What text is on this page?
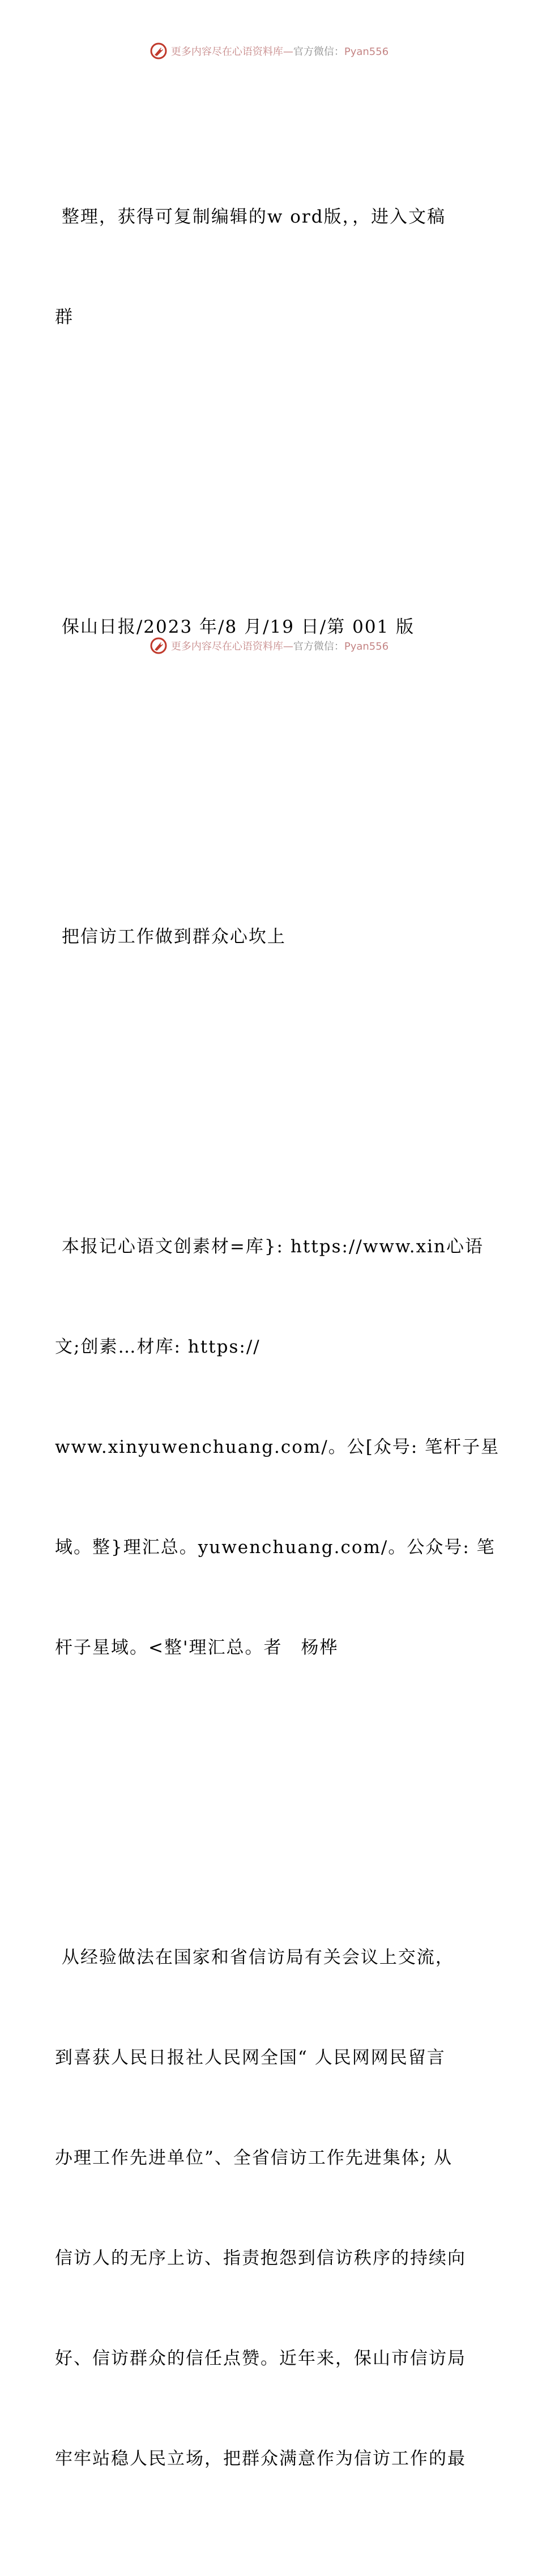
更多内容尽在心语资料库—官方微信：Pyan556

整理，获得可复制编辑的w ord版，，进入文稿

群

保山日报/2023 年/8 月/19 日/第 001 版

把信访工作做到群众心坎上

本报记心语文创素材=库}: https://www.xin心语

文;创素…材库: https://

www.xinyuwenchuang.com/。公[众号: 笔杆子星

域。整}理汇总。yuwenchuang.com/。公众号: 笔

杆子星域。<整'理汇总。者　杨桦

从经验做法在国家和省信访局有关会议上交流，

到喜获人民日报社人民网全国“ 人民网网民留言

办理工作先进单位”、全省信访工作先进集体; 从

信访人的无序上访、指责抱怨到信访秩序的持续向

好、信访群众的信任点赞。近年来，保山市信访局

牢牢站稳人民立场，把群众满意作为信访工作的最

更多内容尽在心语资料库—官方微信：Pyan556
